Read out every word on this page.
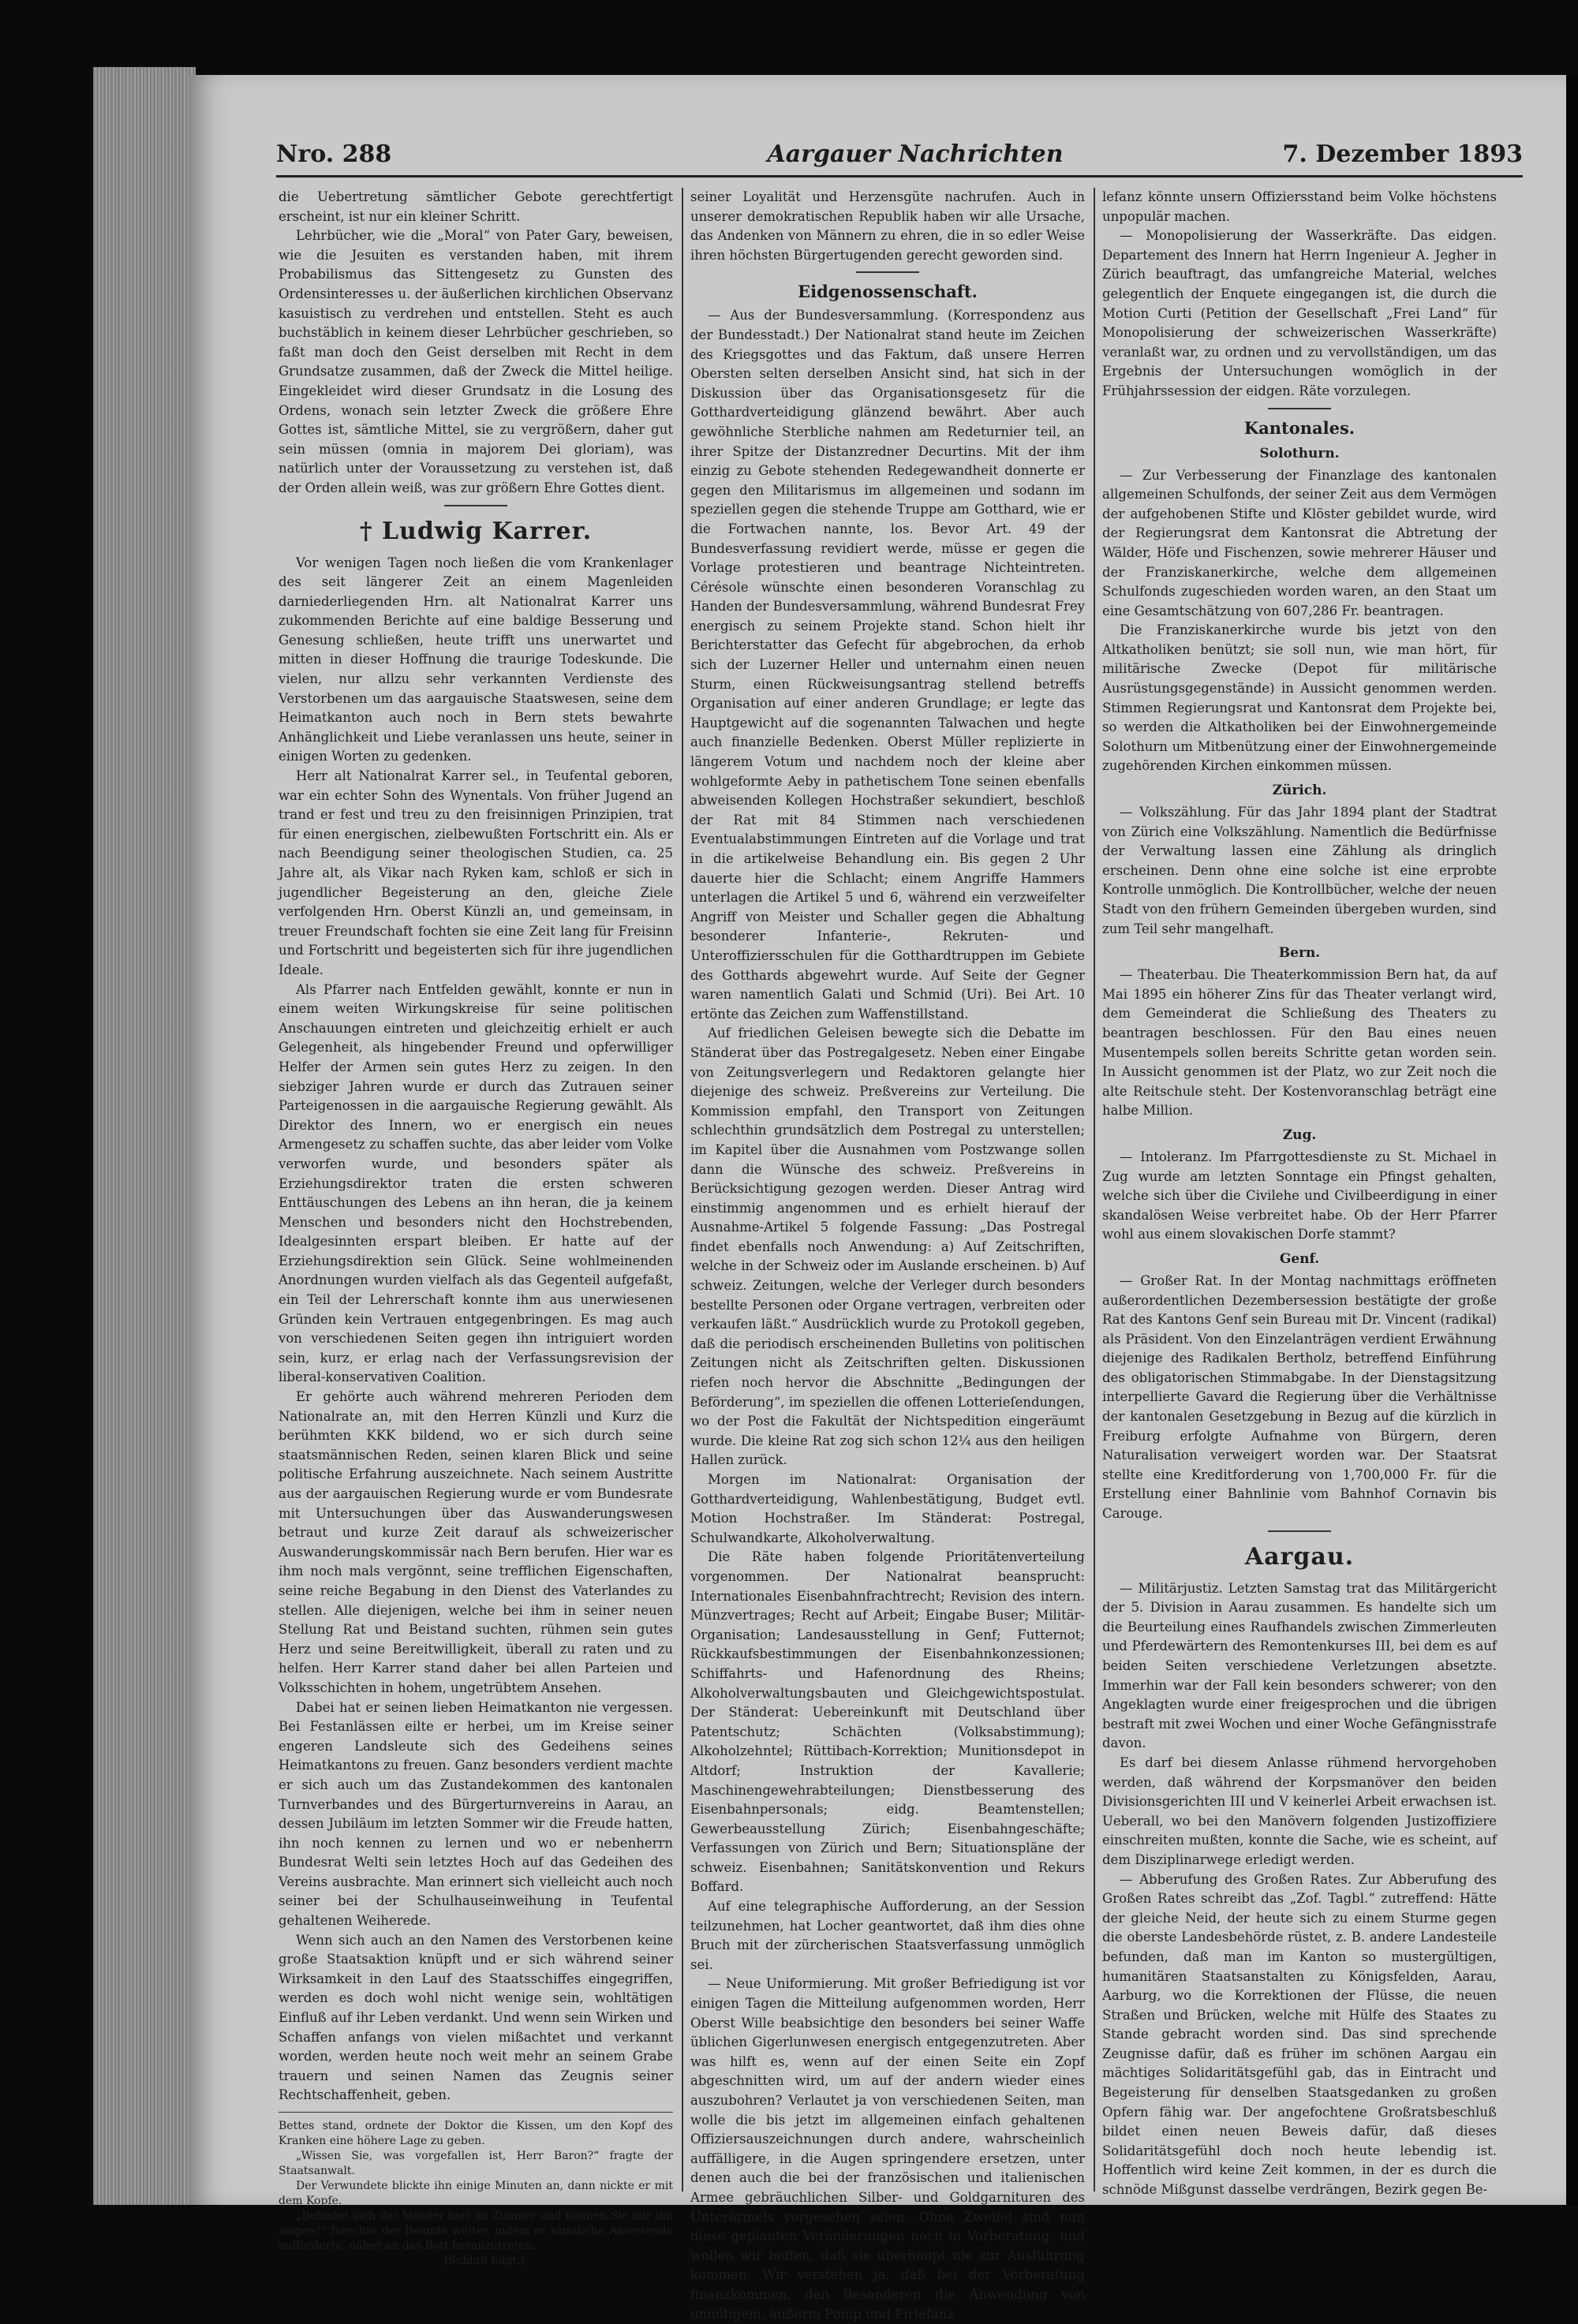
Nro. 288	Aargauer Nachrichten	7. Dezember 1893

die Uebertretung sämtlicher Gebote gerechtfertigt erscheint, ist nur ein kleiner Schritt.

Lehrbücher, wie die „Moral“ von Pater Gary, beweisen, wie die Jesuiten es verstanden haben, mit ihrem Probabilismus das Sittengesetz zu Gunsten des Ordensinteresses u. der äußerlichen kirchlichen Observanz kasuistisch zu verdrehen und entstellen. Steht es auch buchstäblich in keinem dieser Lehrbücher geschrieben, so faßt man doch den Geist derselben mit Recht in dem Grundsatze zusammen, daß der Zweck die Mittel heilige. Eingekleidet wird dieser Grundsatz in die Losung des Ordens, wonach sein letzter Zweck die größere Ehre Gottes ist, sämtliche Mittel, sie zu vergrößern, daher gut sein müssen (omnia in majorem Dei gloriam), was natürlich unter der Voraussetzung zu verstehen ist, daß der Orden allein weiß, was zur größern Ehre Gottes dient.

† Ludwig Karrer.

Vor wenigen Tagen noch ließen die vom Krankenlager des seit längerer Zeit an einem Magenleiden darniederliegenden Hrn. alt Nationalrat Karrer uns zukommenden Berichte auf eine baldige Besserung und Genesung schließen, heute trifft uns unerwartet und mitten in dieser Hoffnung die traurige Todeskunde. Die vielen, nur allzu sehr verkannten Verdienste des Verstorbenen um das aargauische Staatswesen, seine dem Heimatkanton auch noch in Bern stets bewahrte Anhänglichkeit und Liebe veranlassen uns heute, seiner in einigen Worten zu gedenken.

Herr alt Nationalrat Karrer sel., in Teufental geboren, war ein echter Sohn des Wynentals. Von früher Jugend an trand er fest und treu zu den freisinnigen Prinzipien, trat für einen energischen, zielbewußten Fortschritt ein. Als er nach Beendigung seiner theologischen Studien, ca. 25 Jahre alt, als Vikar nach Ryken kam, schloß er sich in jugendlicher Begeisterung an den, gleiche Ziele verfolgenden Hrn. Oberst Künzli an, und gemeinsam, in treuer Freundschaft fochten sie eine Zeit lang für Freisinn und Fortschritt und begeisterten sich für ihre jugendlichen Ideale.

Als Pfarrer nach Entfelden gewählt, konnte er nun in einem weiten Wirkungskreise für seine politischen Anschauungen eintreten und gleichzeitig erhielt er auch Gelegenheit, als hingebender Freund und opferwilliger Helfer der Armen sein gutes Herz zu zeigen. In den siebziger Jahren wurde er durch das Zutrauen seiner Parteigenossen in die aargauische Regierung gewählt. Als Direktor des Innern, wo er energisch ein neues Armengesetz zu schaffen suchte, das aber leider vom Volke verworfen wurde, und besonders später als Erziehungsdirektor traten die ersten schweren Enttäuschungen des Lebens an ihn heran, die ja keinem Menschen und besonders nicht den Hochstrebenden, Idealgesinnten erspart bleiben. Er hatte auf der Erziehungsdirektion sein Glück. Seine wohlmeinenden Anordnungen wurden vielfach als das Gegenteil aufgefaßt, ein Teil der Lehrerschaft konnte ihm aus unerwiesenen Gründen kein Vertrauen entgegenbringen. Es mag auch von verschiedenen Seiten gegen ihn intriguiert worden sein, kurz, er erlag nach der Verfassungsrevision der liberal-konservativen Coalition.

Er gehörte auch während mehreren Perioden dem Nationalrate an, mit den Herren Künzli und Kurz die berühmten KKK bildend, wo er sich durch seine staatsmännischen Reden, seinen klaren Blick und seine politische Erfahrung auszeichnete. Nach seinem Austritte aus der aargauischen Regierung wurde er vom Bundesrate mit Untersuchungen über das Auswanderungswesen betraut und kurze Zeit darauf als schweizerischer Auswanderungskommissär nach Bern berufen. Hier war es ihm noch mals vergönnt, seine trefflichen Eigenschaften, seine reiche Begabung in den Dienst des Vaterlandes zu stellen. Alle diejenigen, welche bei ihm in seiner neuen Stellung Rat und Beistand suchten, rühmen sein gutes Herz und seine Bereitwilligkeit, überall zu raten und zu helfen. Herr Karrer stand daher bei allen Parteien und Volksschichten in hohem, ungetrübtem Ansehen.

Dabei hat er seinen lieben Heimatkanton nie vergessen. Bei Festanlässen eilte er herbei, um im Kreise seiner engeren Landsleute sich des Gedeihens seines Heimatkantons zu freuen. Ganz besonders verdient machte er sich auch um das Zustandekommen des kantonalen Turnverbandes und des Bürgerturnvereins in Aarau, an dessen Jubiläum im letzten Sommer wir die Freude hatten, ihn noch kennen zu lernen und wo er nebenherrn Bundesrat Welti sein letztes Hoch auf das Gedeihen des Vereins ausbrachte. Man erinnert sich vielleicht auch noch seiner bei der Schulhauseinweihung in Teufental gehaltenen Weiherede.

Wenn sich auch an den Namen des Verstorbenen keine große Staatsaktion knüpft und er sich während seiner Wirksamkeit in den Lauf des Staatsschiffes eingegriffen, werden es doch wohl nicht wenige sein, wohltätigen Einfluß auf ihr Leben verdankt. Und wenn sein Wirken und Schaffen anfangs von vielen mißachtet und verkannt worden, werden heute noch weit mehr an seinem Grabe trauern und seinen Namen das Zeugnis seiner Rechtschaffenheit, geben.

Bettes stand, ordnete der Doktor die Kissen, um den Kopf des Kranken eine höhere Lage zu geben.

„Wissen Sie, was vorgefallen ist, Herr Baron?“ fragte der Staatsanwalt.

Der Verwundete blickte ihn einige Minuten an, dann nickte er mit dem Kopfe.

„Befindet sich der Mörder hier im Zimmer und können Sie mir ihn zeigen?“ forschte der Beamte weiter, indem er sämtliche Anwesende aufforderte, näher an das Bett heranzutreten.

(Schluß folgt.)

seiner Loyalität und Herzensgüte nachrufen. Auch in unserer demokratischen Republik haben wir alle Ursache, das Andenken von Männern zu ehren, die in so edler Weise ihren höchsten Bürgertugenden gerecht geworden sind.

Eidgenossenschaft.

— Aus der Bundesversammlung. (Korrespondenz aus der Bundesstadt.) Der Nationalrat stand heute im Zeichen des Kriegsgottes und das Faktum, daß unsere Herren Obersten selten derselben Ansicht sind, hat sich in der Diskussion über das Organisationsgesetz für die Gotthardverteidigung glänzend bewährt. Aber auch gewöhnliche Sterbliche nahmen am Redeturnier teil, an ihrer Spitze der Distanzredner Decurtins. Mit der ihm einzig zu Gebote stehenden Redegewandheit donnerte er gegen den Militarismus im allgemeinen und sodann im speziellen gegen die stehende Truppe am Gotthard, wie er die Fortwachen nannte, los. Bevor Art. 49 der Bundesverfassung revidiert werde, müsse er gegen die Vorlage protestieren und beantrage Nichteintreten. Cérésole wünschte einen besonderen Voranschlag zu Handen der Bundesversammlung, während Bundesrat Frey energisch zu seinem Projekte stand. Schon hielt ihr Berichterstatter das Gefecht für abgebrochen, da erhob sich der Luzerner Heller und unternahm einen neuen Sturm, einen Rückweisungsantrag stellend betreffs Organisation auf einer anderen Grundlage; er legte das Hauptgewicht auf die sogenannten Talwachen und hegte auch finanzielle Bedenken. Oberst Müller replizierte in längerem Votum und nachdem noch der kleine aber wohlgeformte Aeby in pathetischem Tone seinen ebenfalls abweisenden Kollegen Hochstraßer sekundiert, beschloß der Rat mit 84 Stimmen nach verschiedenen Eventualabstimmungen Eintreten auf die Vorlage und trat in die artikelweise Behandlung ein. Bis gegen 2 Uhr dauerte hier die Schlacht; einem Angriffe Hammers unterlagen die Artikel 5 und 6, während ein verzweifelter Angriff von Meister und Schaller gegen die Abhaltung besonderer Infanterie-, Rekruten- und Unteroffiziersschulen für die Gotthardtruppen im Gebiete des Gotthards abgewehrt wurde. Auf Seite der Gegner waren namentlich Galati und Schmid (Uri). Bei Art. 10 ertönte das Zeichen zum Waffenstillstand.

Auf friedlichen Geleisen bewegte sich die Debatte im Ständerat über das Postregalgesetz. Neben einer Eingabe von Zeitungsverlegern und Redaktoren gelangte hier diejenige des schweiz. Preßvereins zur Verteilung. Die Kommission empfahl, den Transport von Zeitungen schlechthin grundsätzlich dem Postregal zu unterstellen; im Kapitel über die Ausnahmen vom Postzwange sollen dann die Wünsche des schweiz. Preßvereins in Berücksichtigung gezogen werden. Dieser Antrag wird einstimmig angenommen und es erhielt hierauf der Ausnahme-Artikel 5 folgende Fassung: „Das Postregal findet ebenfalls noch Anwendung: a) Auf Zeitschriften, welche in der Schweiz oder im Auslande erscheinen. b) Auf schweiz. Zeitungen, welche der Verleger durch besonders bestellte Personen oder Organe vertragen, verbreiten oder verkaufen läßt.“ Ausdrücklich wurde zu Protokoll gegeben, daß die periodisch erscheinenden Bulletins von politischen Zeitungen nicht als Zeitschriften gelten. Diskussionen riefen noch hervor die Abschnitte „Bedingungen der Beförderung“, im speziellen die offenen Lotterieſendungen, wo der Post die Fakultät der Nichtspedition eingeräumt wurde. Die kleine Rat zog sich schon 12¼ aus den heiligen Hallen zurück.

Morgen im Nationalrat: Organisation der Gotthardverteidigung, Wahlenbestätigung, Budget evtl. Motion Hochstraßer. Im Ständerat: Postregal, Schulwandkarte, Alkoholverwaltung.

Die Räte haben folgende Prioritätenverteilung vorgenommen. Der Nationalrat beansprucht: Internationales Eisenbahnfrachtrecht; Revision des intern. Münzvertrages; Recht auf Arbeit; Eingabe Buser; Militär-Organisation; Landesausstellung in Genf; Futternot; Rückkaufsbestimmungen der Eisenbahnkonzessionen; Schiffahrts- und Hafenordnung des Rheins; Alkoholverwaltungsbauten und Gleichgewichtspostulat. Der Ständerat: Uebereinkunft mit Deutschland über Patentschutz; Schächten (Volksabstimmung); Alkoholzehntel; Rüttibach-Korrektion; Munitionsdepot in Altdorf; Instruktion der Kavallerie; Maschinengewehrabteilungen; Dienstbesserung des Eisenbahnpersonals; eidg. Beamtenstellen; Gewerbeausstellung Zürich; Eisenbahngeschäfte; Verfassungen von Zürich und Bern; Situationspläne der schweiz. Eisenbahnen; Sanitätskonvention und Rekurs Boffard.

Auf eine telegraphische Aufforderung, an der Session teilzunehmen, hat Locher geantwortet, daß ihm dies ohne Bruch mit der zürcherischen Staatsverfassung unmöglich sei.

— Neue Uniformierung. Mit großer Befriedigung ist vor einigen Tagen die Mitteilung aufgenommen worden, Herr Oberst Wille beabsichtige den besonders bei seiner Waffe üblichen Gigerlunwesen energisch entgegenzutreten. Aber was hilft es, wenn auf der einen Seite ein Zopf abgeschnitten wird, um auf der andern wieder eines auszubohren? Verlautet ja von verschiedenen Seiten, man wolle die bis jetzt im allgemeinen einfach gehaltenen Offiziersauszeichnungen durch andere, wahrscheinlich auffälligere, in die Augen springendere ersetzen, unter denen auch die bei der französischen und italienischen Armee gebräuchlichen Silber- und Goldgarnituren des Unterärmels vorgesehen seien. Ohne Zweifel sind nun diese geplanten Veränderungen noch in Vorberatung, und wollen wir hoffen, daß sie überhaupt nie zur Ausführung kommen. Wir verstehen ja, daß bei der Vorberatung finanzkommen, den Besonderen die Anwendung von unnötigem, äußerm Pomp und Firlefanz

lefanz könnte unsern Offiziersstand beim Volke höchstens unpopulär machen.

— Monopolisierung der Wasserkräfte. Das eidgen. Departement des Innern hat Herrn Ingenieur A. Jegher in Zürich beauftragt, das umfangreiche Material, welches gelegentlich der Enquete eingegangen ist, die durch die Motion Curti (Petition der Gesellschaft „Frei Land“ für Monopolisierung der schweizerischen Wasserkräfte) veranlaßt war, zu ordnen und zu vervollständigen, um das Ergebnis der Untersuchungen womöglich in der Frühjahrssession der eidgen. Räte vorzulegen.

Kantonales.
Solothurn.

— Zur Verbesserung der Finanzlage des kantonalen allgemeinen Schulfonds, der seiner Zeit aus dem Vermögen der aufgehobenen Stifte und Klöster gebildet wurde, wird der Regierungsrat dem Kantonsrat die Abtretung der Wälder, Höfe und Fischenzen, sowie mehrerer Häuser und der Franziskanerkirche, welche dem allgemeinen Schulfonds zugeschieden worden waren, an den Staat um eine Gesamtschätzung von 607,286 Fr. beantragen.

Die Franziskanerkirche wurde bis jetzt von den Altkatholiken benützt; sie soll nun, wie man hört, für militärische Zwecke (Depot für militärische Ausrüstungsgegenstände) in Aussicht genommen werden. Stimmen Regierungsrat und Kantonsrat dem Projekte bei, so werden die Altkatholiken bei der Einwohnergemeinde Solothurn um Mitbenützung einer der Einwohnergemeinde zugehörenden Kirchen einkommen müssen.

Zürich.

— Volkszählung. Für das Jahr 1894 plant der Stadtrat von Zürich eine Volkszählung. Namentlich die Bedürfnisse der Verwaltung lassen eine Zählung als dringlich erscheinen. Denn ohne eine solche ist eine erprobte Kontrolle unmöglich. Die Kontrollbücher, welche der neuen Stadt von den frühern Gemeinden übergeben wurden, sind zum Teil sehr mangelhaft.

Bern.

— Theaterbau. Die Theaterkommission Bern hat, da auf Mai 1895 ein höherer Zins für das Theater verlangt wird, dem Gemeinderat die Schließung des Theaters zu beantragen beschlossen. Für den Bau eines neuen Musentempels sollen bereits Schritte getan worden sein. In Aussicht genommen ist der Platz, wo zur Zeit noch die alte Reitschule steht. Der Kostenvoranschlag beträgt eine halbe Million.

Zug.

— Intoleranz. Im Pfarrgottesdienste zu St. Michael in Zug wurde am letzten Sonntage ein Pfingst gehalten, welche sich über die Civilehe und Civilbeerdigung in einer skandalösen Weise verbreitet habe. Ob der Herr Pfarrer wohl aus einem slovakischen Dorfe stammt?

Genf.

— Großer Rat. In der Montag nachmittags eröffneten außerordentlichen Dezembersession bestätigte der große Rat des Kantons Genf sein Bureau mit Dr. Vincent (radikal) als Präsident. Von den Einzelanträgen verdient Erwähnung diejenige des Radikalen Bertholz, betreffend Einführung des obligatorischen Stimmabgabe. In der Dienstagsitzung interpellierte Gavard die Regierung über die Verhältnisse der kantonalen Gesetzgebung in Bezug auf die kürzlich in Freiburg erfolgte Aufnahme von Bürgern, deren Naturalisation verweigert worden war. Der Staatsrat stellte eine Kreditforderung von 1,700,000 Fr. für die Erstellung einer Bahnlinie vom Bahnhof Cornavin bis Carouge.

Aargau.

— Militärjustiz. Letzten Samstag trat das Militärgericht der 5. Division in Aarau zusammen. Es handelte sich um die Beurteilung eines Raufhandels zwischen Zimmerleuten und Pferdewärtern des Remontenkurses III, bei dem es auf beiden Seiten verschiedene Verletzungen absetzte. Immerhin war der Fall kein besonders schwerer; von den Angeklagten wurde einer freigesprochen und die übrigen bestraft mit zwei Wochen und einer Woche Gefängnisstrafe davon.

Es darf bei diesem Anlasse rühmend hervorgehoben werden, daß während der Korpsmanöver den beiden Divisionsgerichten III und V keinerlei Arbeit erwachsen ist. Ueberall, wo bei den Manövern folgenden Justizoffiziere einschreiten mußten, konnte die Sache, wie es scheint, auf dem Disziplinarwege erledigt werden.

— Abberufung des Großen Rates. Zur Abberufung des Großen Rates schreibt das „Zof. Tagbl.“ zutreffend: Hätte der gleiche Neid, der heute sich zu einem Sturme gegen die oberste Landesbehörde rüstet, z. B. andere Landesteile befunden, daß man im Kanton so mustergültigen, humanitären Staatsanstalten zu Königsfelden, Aarau, Aarburg, wo die Korrektionen der Flüsse, die neuen Straßen und Brücken, welche mit Hülfe des Staates zu Stande gebracht worden sind. Das sind sprechende Zeugnisse dafür, daß es früher im schönen Aargau ein mächtiges Solidaritätsgefühl gab, das in Eintracht und Begeisterung für denselben Staatsgedanken zu großen Opfern fähig war. Der angefochtene Großratsbeschluß bildet einen neuen Beweis dafür, daß dieses Solidaritätsgefühl doch noch heute lebendig ist. Hoffentlich wird keine Zeit kommen, in der es durch die schnöde Mißgunst dasselbe verdrängen, Bezirk gegen Be-
